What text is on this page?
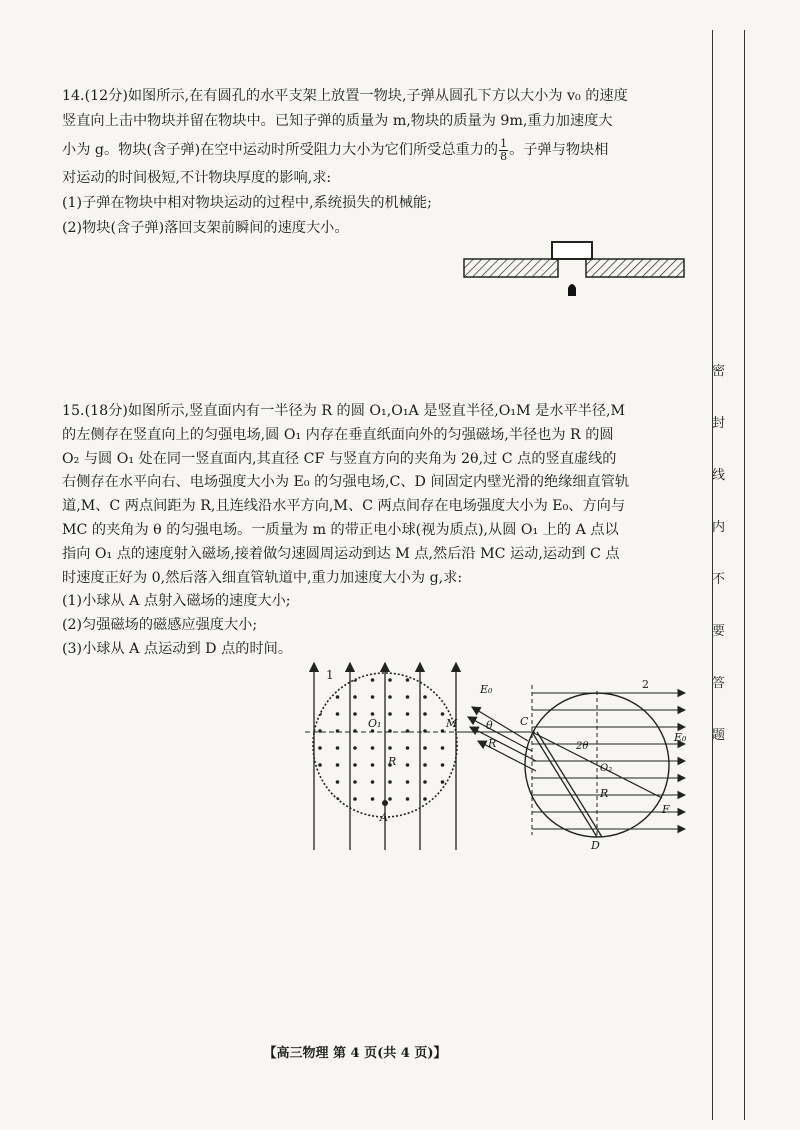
14.(12分)如图所示,在有圆孔的水平支架上放置一物块,子弹从圆孔下方以大小为 v₀ 的速度

竖直向上击中物块并留在物块中。已知子弹的质量为 m,物块的质量为 9m,重力加速度大

小为 g。物块(含子弹)在空中运动时所受阻力大小为它们所受总重力的 $\frac{1}{8}$ 。子弹与物块相

对运动的时间极短,不计物块厚度的影响,求:

(1)子弹在物块中相对物块运动的过程中,系统损失的机械能;

(2)物块(含子弹)落回支架前瞬间的速度大小。

15.(18分)如图所示,竖直面内有一半径为 R 的圆 O₁,O₁A 是竖直半径,O₁M 是水平半径,M

的左侧存在竖直向上的匀强电场,圆 O₁ 内存在垂直纸面向外的匀强磁场,半径也为 R 的圆

O₂ 与圆 O₁ 处在同一竖直面内,其直径 CF 与竖直方向的夹角为 2θ,过 C 点的竖直虚线的

右侧存在水平向右、电场强度大小为 E₀ 的匀强电场,C、D 间固定内壁光滑的绝缘细直管轨

道,M、C 两点间距为 R,且连线沿水平方向,M、C 两点间存在电场强度大小为 E₀、方向与

MC 的夹角为 θ 的匀强电场。一质量为 m 的带正电小球(视为质点),从圆 O₁ 上的 A 点以

指向 O₁ 点的速度射入磁场,接着做匀速圆周运动到达 M 点,然后沿 MC 运动,运动到 C 点

时速度正好为 0,然后落入细直管轨道中,重力加速度大小为 g,求:

(1)小球从 A 点射入磁场的速度大小;

(2)匀强磁场的磁感应强度大小;

(3)小球从 A 点运动到 D 点的时间。

1
O₁	M
R
A
E₀
θ
R
C
2θ
O₂
R
D
F
2
E₀
【高三物理 第 4 页(共 4 页)】
密
封
线
内
不
要
答
题
